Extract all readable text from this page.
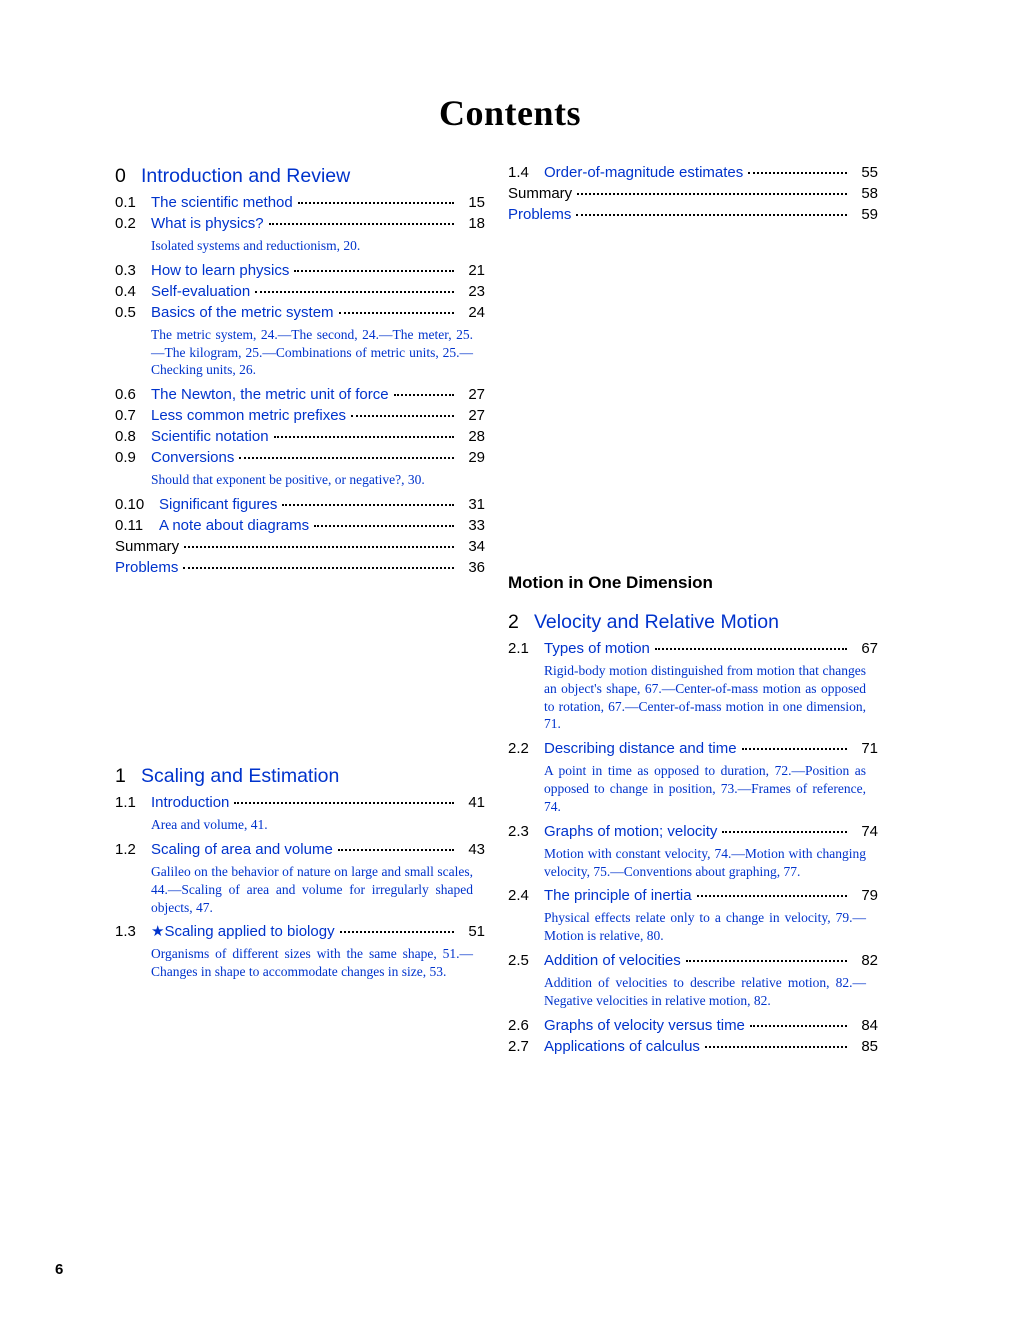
Contents
0 Introduction and Review
0.1	The scientific method	15
0.2	What is physics?	18
Isolated systems and reductionism, 20.
0.3	How to learn physics	21
0.4	Self-evaluation	23
0.5	Basics of the metric system	24
The metric system, 24.—The second, 24.—The meter, 25.—The kilogram, 25.—Combinations of metric units, 25.—Checking units, 26.
0.6	The Newton, the metric unit of force	27
0.7	Less common metric prefixes	27
0.8	Scientific notation	28
0.9	Conversions	29
Should that exponent be positive, or negative?, 30.
0.10 Significant figures	31
0.11	A note about diagrams	33
Summary	34
Problems	36
1 Scaling and Estimation
1.1	Introduction	41
Area and volume, 41.
1.2	Scaling of area and volume	43
Galileo on the behavior of nature on large and small scales, 44.—Scaling of area and volume for irregularly shaped objects, 47.
1.3	★Scaling applied to biology	51
Organisms of different sizes with the same shape, 51.—Changes in shape to accommodate changes in size, 53.
1.4	Order-of-magnitude estimates	55
Summary	58
Problems	59
Motion in One Dimension
2 Velocity and Relative Motion
2.1	Types of motion	67
Rigid-body motion distinguished from motion that changes an object's shape, 67.—Center-of-mass motion as opposed to rotation, 67.—Center-of-mass motion in one dimension, 71.
2.2	Describing distance and time	71
A point in time as opposed to duration, 72.—Position as opposed to change in position, 73.—Frames of reference, 74.
2.3	Graphs of motion; velocity	74
Motion with constant velocity, 74.—Motion with changing velocity, 75.—Conventions about graphing, 77.
2.4	The principle of inertia	79
Physical effects relate only to a change in velocity, 79.—Motion is relative, 80.
2.5	Addition of velocities	82
Addition of velocities to describe relative motion, 82.—Negative velocities in relative motion, 82.
2.6	Graphs of velocity versus time	84
2.7	Applications of calculus	85
6
